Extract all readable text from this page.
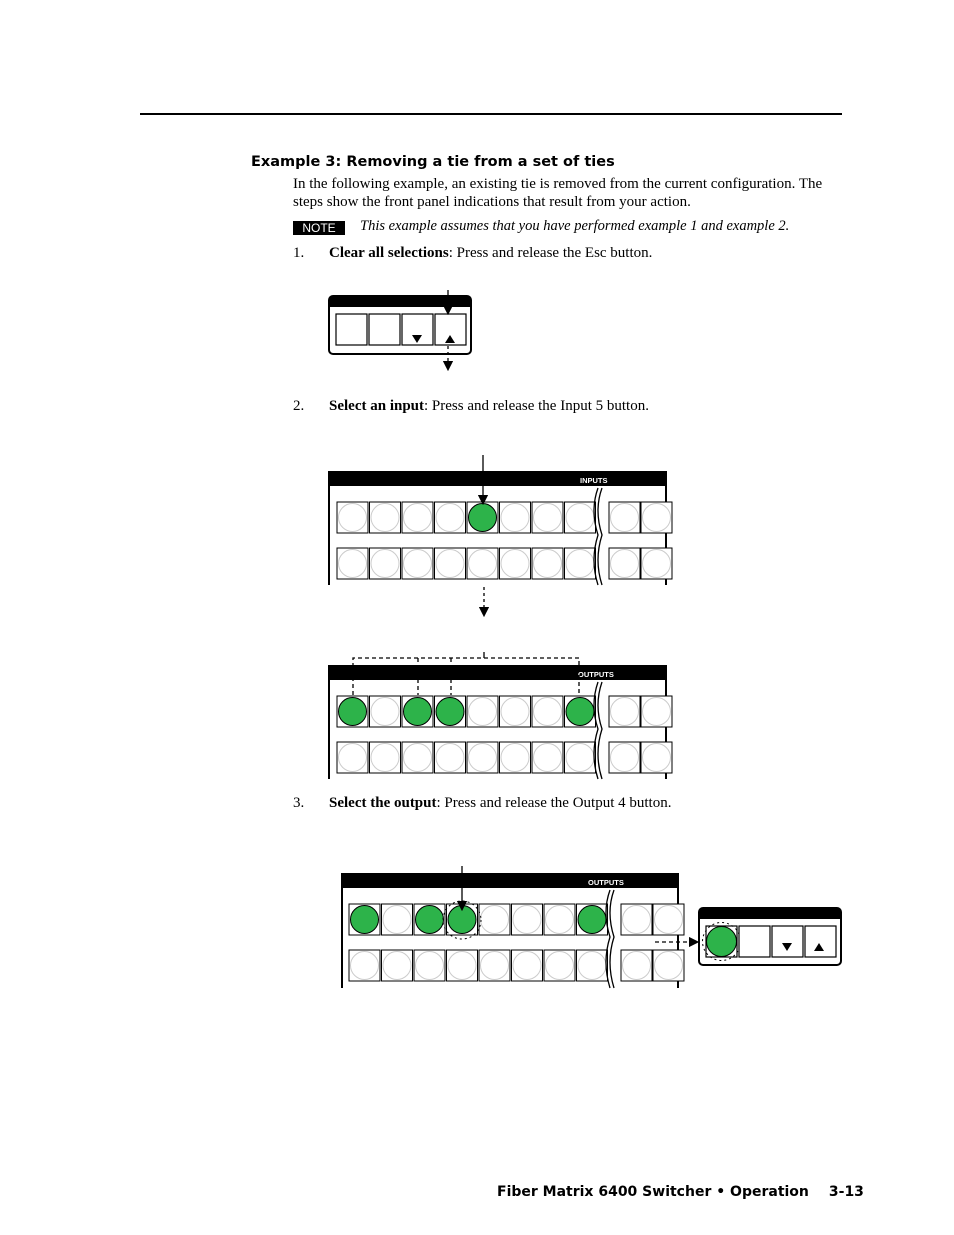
Example 3: Removing a tie from a set of ties
In the following example, an existing tie is removed from the current configuration. The steps show the front panel indications that result from your action.
NOTE	This example assumes that you have performed example 1 and example 2.
1. Clear all selections: Press and release the Esc button.
2. Select an input: Press and release the Input 5 button.
3. Select the output: Press and release the Output 4 button.
INPUTS
OUTPUTS
OUTPUTS
Fiber Matrix 6400 Switcher • Operation 3-13
